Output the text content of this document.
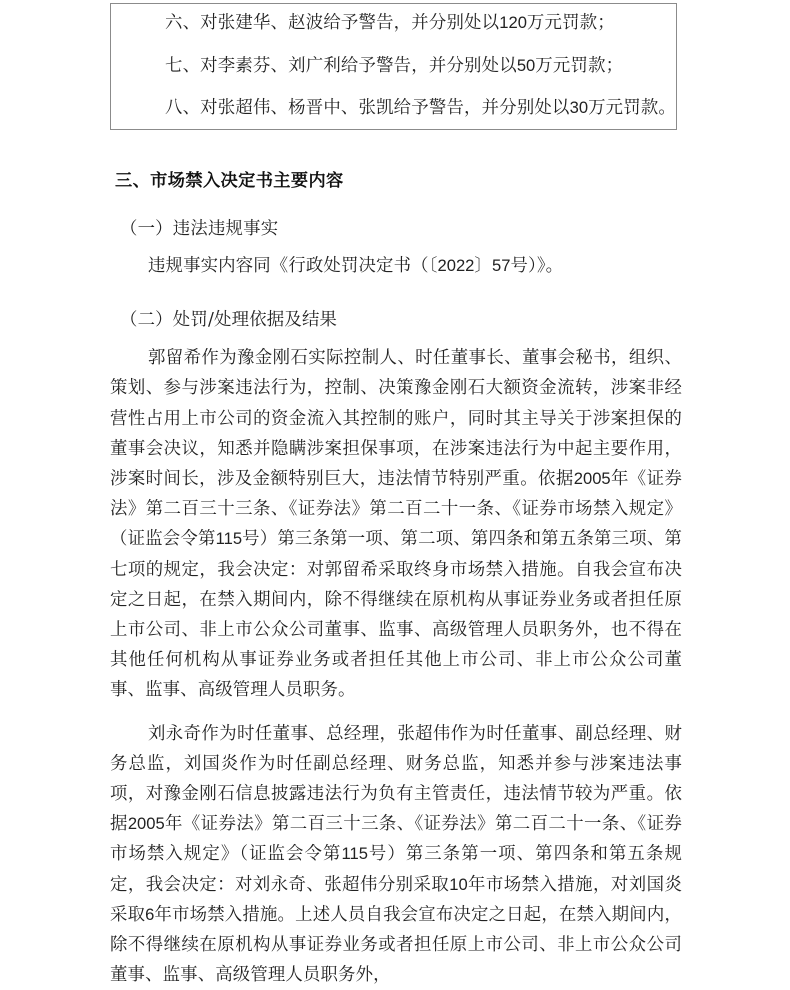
六、对张建华、赵波给予警告，并分别处以120万元罚款；
七、对李素芬、刘广利给予警告，并分别处以50万元罚款；
八、对张超伟、杨晋中、张凯给予警告，并分别处以30万元罚款。
三、市场禁入决定书主要内容
（一）违法违规事实

违规事实内容同《行政处罚决定书（〔2022〕57号）》。

（二）处罚/处理依据及结果

郭留希作为豫金刚石实际控制人、时任董事长、董事会秘书，组织、策划、参与涉案违法行为，控制、决策豫金刚石大额资金流转，涉案非经营性占用上市公司的资金流入其控制的账户，同时其主导关于涉案担保的董事会决议，知悉并隐瞒涉案担保事项，在涉案违法行为中起主要作用，涉案时间长，涉及金额特别巨大，违法情节特别严重。依据2005年《证券法》第二百三十三条、《证券法》第二百二十一条、《证券市场禁入规定》（证监会令第115号）第三条第一项、第二项、第四条和第五条第三项、第七项的规定，我会决定：对郭留希采取终身市场禁入措施。自我会宣布决定之日起，在禁入期间内，除不得继续在原机构从事证券业务或者担任原上市公司、非上市公众公司董事、监事、高级管理人员职务外，也不得在其他任何机构从事证券业务或者担任其他上市公司、非上市公众公司董事、监事、高级管理人员职务。

刘永奇作为时任董事、总经理，张超伟作为时任董事、副总经理、财务总监，刘国炎作为时任副总经理、财务总监，知悉并参与涉案违法事项，对豫金刚石信息披露违法行为负有主管责任，违法情节较为严重。依据2005年《证券法》第二百三十三条、《证券法》第二百二十一条、《证券市场禁入规定》（证监会令第115号）第三条第一项、第四条和第五条规定，我会决定：对刘永奇、张超伟分别采取10年市场禁入措施，对刘国炎采取6年市场禁入措施。上述人员自我会宣布决定之日起，在禁入期间内，除不得继续在原机构从事证券业务或者担任原上市公司、非上市公众公司董事、监事、高级管理人员职务外，
